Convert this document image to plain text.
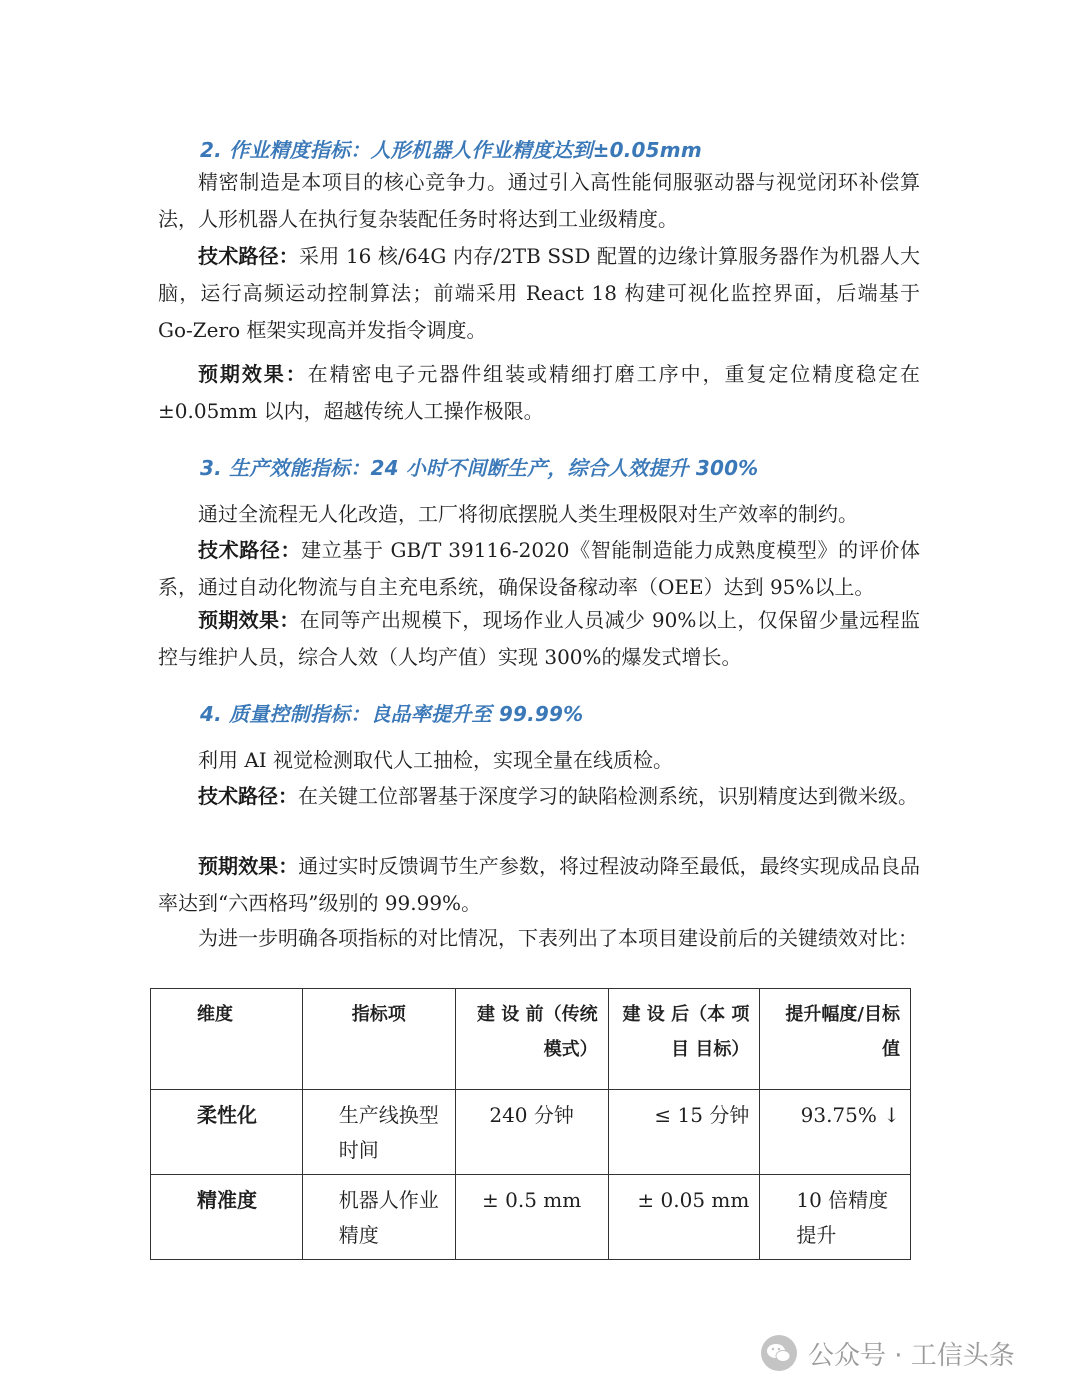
2. 作业精度指标：人形机器人作业精度达到±0.05mm

精密制造是本项目的核心竞争力。通过引入高性能伺服驱动器与视觉闭环补偿算法，人形机器人在执行复杂装配任务时将达到工业级精度。

技术路径：采用 16 核/64G 内存/2TB SSD 配置的边缘计算服务器作为机器人大脑，运行高频运动控制算法；前端采用 React 18 构建可视化监控界面，后端基于 Go-Zero 框架实现高并发指令调度。

预期效果：在精密电子元器件组装或精细打磨工序中，重复定位精度稳定在 ±0.05mm 以内，超越传统人工操作极限。

3. 生产效能指标：24 小时不间断生产，综合人效提升 300%

通过全流程无人化改造，工厂将彻底摆脱人类生理极限对生产效率的制约。

技术路径：建立基于 GB/T 39116-2020《智能制造能力成熟度模型》的评价体系，通过自动化物流与自主充电系统，确保设备稼动率（OEE）达到 95%以上。

预期效果：在同等产出规模下，现场作业人员减少 90%以上，仅保留少量远程监控与维护人员，综合人效（人均产值）实现 300%的爆发式增长。

4. 质量控制指标：良品率提升至 99.99%

利用 AI 视觉检测取代人工抽检，实现全量在线质检。

技术路径：在关键工位部署基于深度学习的缺陷检测系统，识别精度达到微米级。

预期效果：通过实时反馈调节生产参数，将过程波动降至最低，最终实现成品良品率达到“六西格玛”级别的 99.99%。

为进一步明确各项指标的对比情况，下表列出了本项目建设前后的关键绩效对比：

维度	指标项	建 设 前（传统模式）	建 设 后（本 项 目 目标）	提升幅度/目标值
柔性化	生产线换型时间	240 分钟	≤ 15 分钟	93.75% ↓
精准度	机器人作业精度	± 0.5 mm	± 0.05 mm	10 倍精度提升
公众号 · 工信头条
